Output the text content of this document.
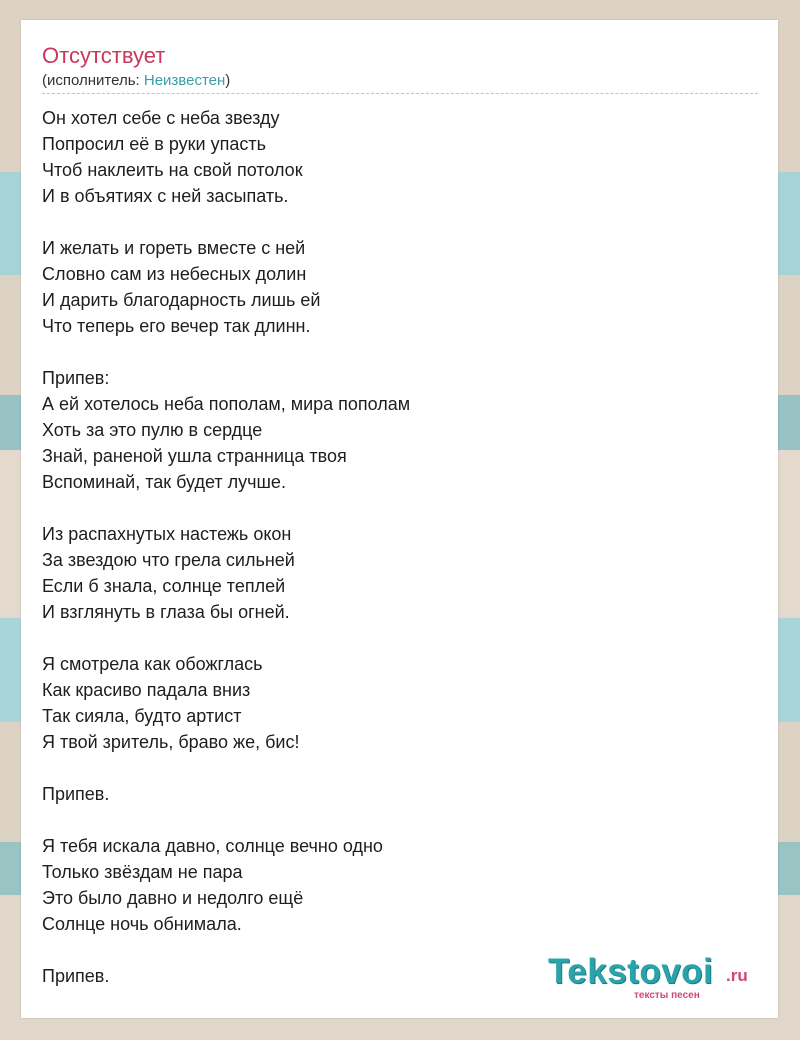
Отсутствует
(исполнитель: Неизвестен)
Он хотел себе с неба звезду
Попросил её в руки упасть
Чтоб наклеить на свой потолок
И в объятиях с ней засыпать.
И желать и гореть вместе с ней
Словно сам из небесных долин
И дарить благодарность лишь ей
Что теперь его вечер так длинн.
Припев:
А ей хотелось неба пополам, мира пополам
Хоть за это пулю в сердце
Знай, раненой ушла странница твоя
Вспоминай, так будет лучше.
Из распахнутых настежь окон
За звездою что грела сильней
Если б знала, солнце теплей
И взглянуть в глаза бы огней.
Я смотрела как обожглась
Как красиво падала вниз
Так сияла, будто артист
Я твой зритель, браво же, бис!
Припев.
Я тебя искала давно, солнце вечно одно
Только звёздам не пара
Это было давно и недолго ещё
Солнце ночь обнимала.
Припев.	Tekstovoi .ru
тексты песен
